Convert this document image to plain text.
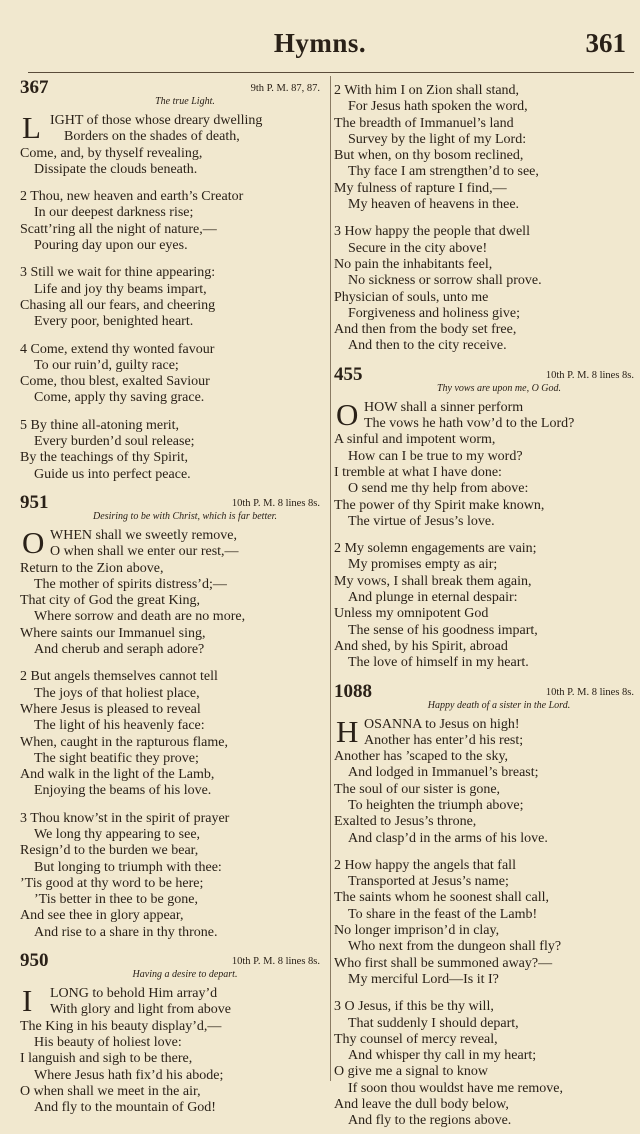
Hymns.	361
367	9th P. M. 87, 87.
The true Light.
L IGHT of those whose dreary dwelling
Borders on the shades of death,
Come, and, by thyself revealing,
Dissipate the clouds beneath.
2 Thou, new heaven and earth’s Creator
In our deepest darkness rise;
Scatt’ring all the night of nature,—
Pouring day upon our eyes.
3 Still we wait for thine appearing:
Life and joy thy beams impart,
Chasing all our fears, and cheering
Every poor, benighted heart.
4 Come, extend thy wonted favour
To our ruin’d, guilty race;
Come, thou blest, exalted Saviour
Come, apply thy saving grace.
5 By thine all-atoning merit,
Every burden’d soul release;
By the teachings of thy Spirit,
Guide us into perfect peace.
951	10th P. M. 8 lines 8s.
Desiring to be with Christ, which is far better.
O WHEN shall we sweetly remove,
O when shall we enter our rest,—
Return to the Zion above,
The mother of spirits distress’d;—
That city of God the great King,
Where sorrow and death are no more,
Where saints our Immanuel sing,
And cherub and seraph adore?
2 But angels themselves cannot tell
The joys of that holiest place,
Where Jesus is pleased to reveal
The light of his heavenly face:
When, caught in the rapturous flame,
The sight beatific they prove;
And walk in the light of the Lamb,
Enjoying the beams of his love.
3 Thou know’st in the spirit of prayer
We long thy appearing to see,
Resign’d to the burden we bear,
But longing to triumph with thee:
’Tis good at thy word to be here;
’Tis better in thee to be gone,
And see thee in glory appear,
And rise to a share in thy throne.
950	10th P. M. 8 lines 8s.
Having a desire to depart.
I	LONG to behold Him array’d
With glory and light from above
The King in his beauty display’d,—
His beauty of holiest love:
I languish and sigh to be there,
Where Jesus hath fix’d his abode;
O when shall we meet in the air,
And fly to the mountain of God!
2 With him I on Zion shall stand,
For Jesus hath spoken the word,
The breadth of Immanuel’s land
Survey by the light of my Lord:
But when, on thy bosom reclined,
Thy face I am strengthen’d to see,
My fulness of rapture I find,—
My heaven of heavens in thee.
3 How happy the people that dwell
Secure in the city above!
No pain the inhabitants feel,
No sickness or sorrow shall prove.
Physician of souls, unto me
Forgiveness and holiness give;
And then from the body set free,
And then to the city receive.
455	10th P. M. 8 lines 8s.
Thy vows are upon me, O God.
O HOW shall a sinner perform
The vows he hath vow’d to the Lord?
A sinful and impotent worm,
How can I be true to my word?
I tremble at what I have done:
O send me thy help from above:
The power of thy Spirit make known,
The virtue of Jesus’s love.
2 My solemn engagements are vain;
My promises empty as air;
My vows, I shall break them again,
And plunge in eternal despair:
Unless my omnipotent God
The sense of his goodness impart,
And shed, by his Spirit, abroad
The love of himself in my heart.
1088	10th P. M. 8 lines 8s.
Happy death of a sister in the Lord.
H OSANNA to Jesus on high!
Another has enter’d his rest;
Another has ’scaped to the sky,
And lodged in Immanuel’s breast;
The soul of our sister is gone,
To heighten the triumph above;
Exalted to Jesus’s throne,
And clasp’d in the arms of his love.
2 How happy the angels that fall
Transported at Jesus’s name;
The saints whom he soonest shall call,
To share in the feast of the Lamb!
No longer imprison’d in clay,
Who next from the dungeon shall fly?
Who first shall be summoned away?—
My merciful Lord—Is it I?
3 O Jesus, if this be thy will,
That suddenly I should depart,
Thy counsel of mercy reveal,
And whisper thy call in my heart;
O give me a signal to know
If soon thou wouldst have me remove,
And leave the dull body below,
And fly to the regions above.
